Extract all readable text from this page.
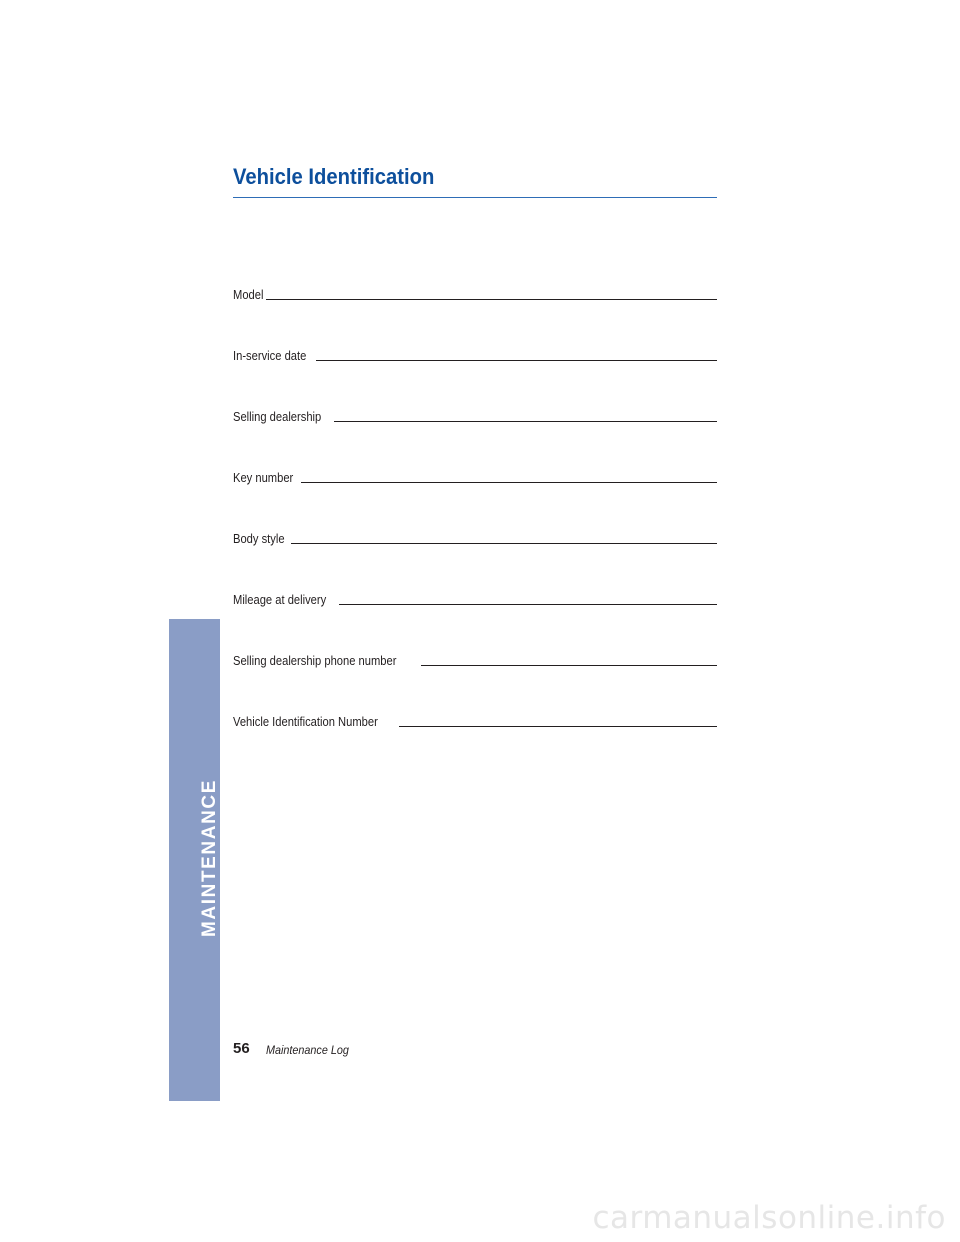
MAINTENANCE
Vehicle Identification
Model
In-service date
Selling dealership
Key number
Body style
Mileage at delivery
Selling dealership phone number
Vehicle Identification Number
56 Maintenance Log
carmanualsonline.info
